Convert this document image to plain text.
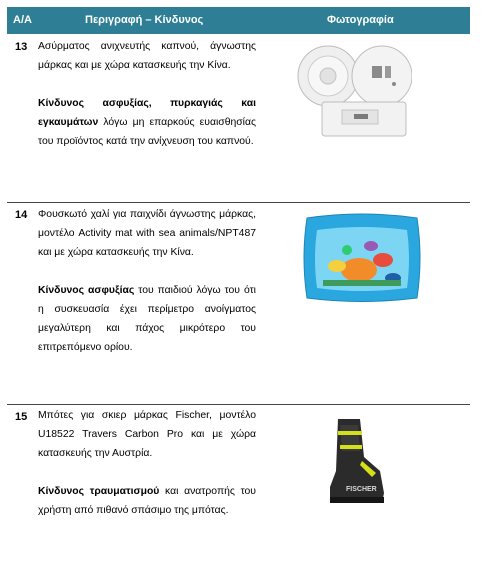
Α/Α	Περιγραφή – Κίνδυνος	Φωτογραφία
13 Ασύρματος ανιχνευτής καπνού, άγνωστης μάρκας και με χώρα κατασκευής την Κίνα.

Κίνδυνος ασφυξίας, πυρκαγιάς και εγκαυμάτων λόγω μη επαρκούς ευαισθησίας του προϊόντος κατά την ανίχνευση του καπνού.

14 Φουσκωτό χαλί για παιχνίδι άγνωστης μάρκας, μοντέλο Activity mat with sea animals/NPT487 και με χώρα κατασκευής την Κίνα.

Κίνδυνος ασφυξίας του παιδιού λόγω του ότι η συσκευασία έχει περίμετρο ανοίγματος μεγαλύτερη και πάχος μικρότερο του επιτρεπόμενο ορίου.

15 Μπότες για σκιερ μάρκας Fischer, μοντέλο U18522 Travers Carbon Pro και με χώρα κατασκευής την Αυστρία.

Κίνδυνος τραυματισμού και ανατροπής του χρήστη από πιθανό σπάσιμο της μπότας.

FISCHER
